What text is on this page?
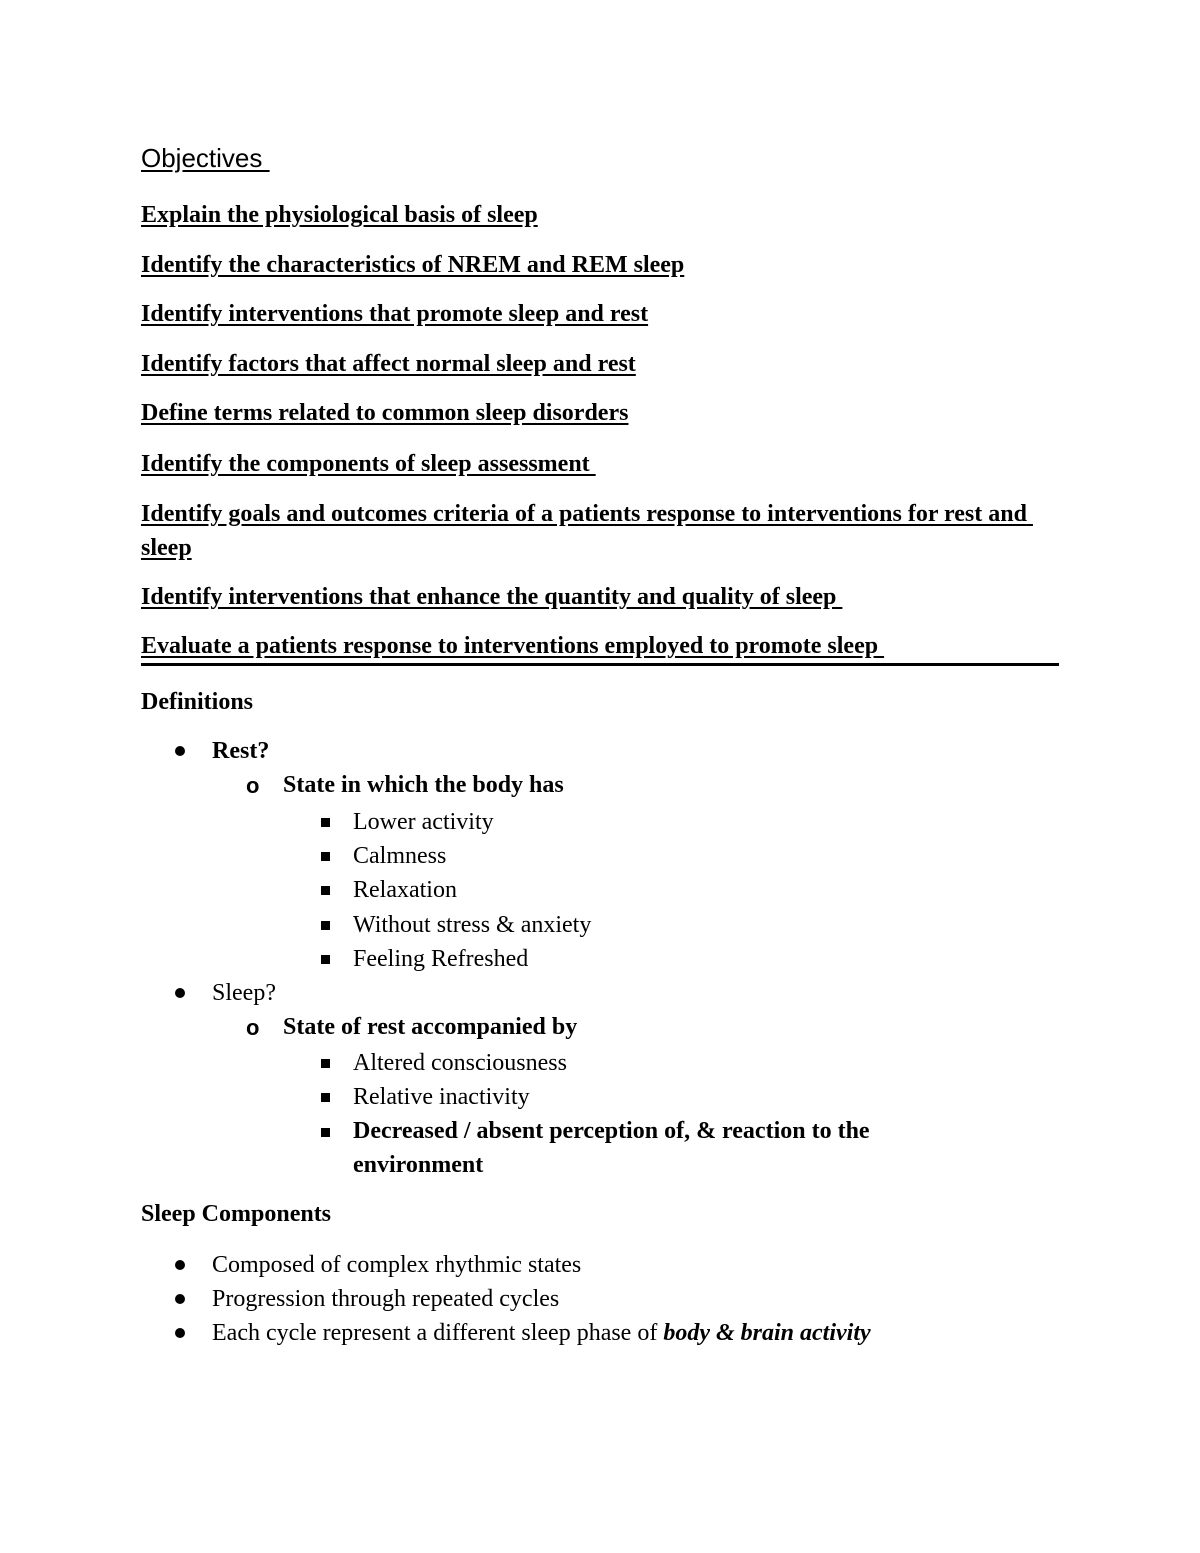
Objectives
Explain the physiological basis of sleep
Identify the characteristics of NREM and REM sleep
Identify interventions that promote sleep and rest
Identify factors that affect normal sleep and rest
Define terms related to common sleep disorders
Identify the components of sleep assessment
Identify goals and outcomes criteria of a patients response to interventions for rest and sleep
Identify interventions that enhance the quantity and quality of sleep
Evaluate a patients response to interventions employed to promote sleep
Definitions
Rest?
o State in which the body has
Lower activity
Calmness
Relaxation
Without stress & anxiety
Feeling Refreshed
Sleep?
o State of rest accompanied by
Altered consciousness
Relative inactivity
Decreased / absent perception of, & reaction to the environment
Sleep Components
Composed of complex rhythmic states
Progression through repeated cycles
Each cycle represent a different sleep phase of body & brain activity
